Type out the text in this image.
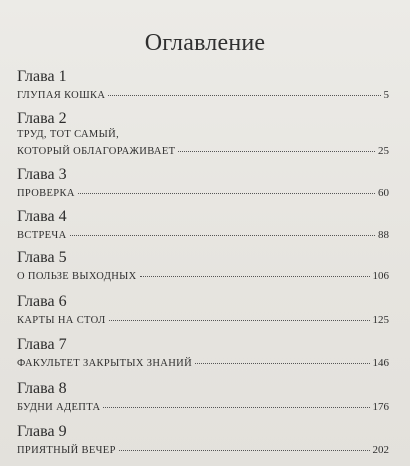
Оглавление
Глава 1
ГЛУПАЯ КОШКА	5
Глава 2
ТРУД, ТОТ САМЫЙ,
КОТОРЫЙ ОБЛАГОРАЖИВАЕТ	25
Глава 3
ПРОВЕРКА	60
Глава 4
ВСТРЕЧА	88
Глава 5
О ПОЛЬЗЕ ВЫХОДНЫХ	106
Глава 6
КАРТЫ НА СТОЛ	125
Глава 7
ФАКУЛЬТЕТ ЗАКРЫТЫХ ЗНАНИЙ	146
Глава 8
БУДНИ АДЕПТА	176
Глава 9
ПРИЯТНЫЙ ВЕЧЕР	202
